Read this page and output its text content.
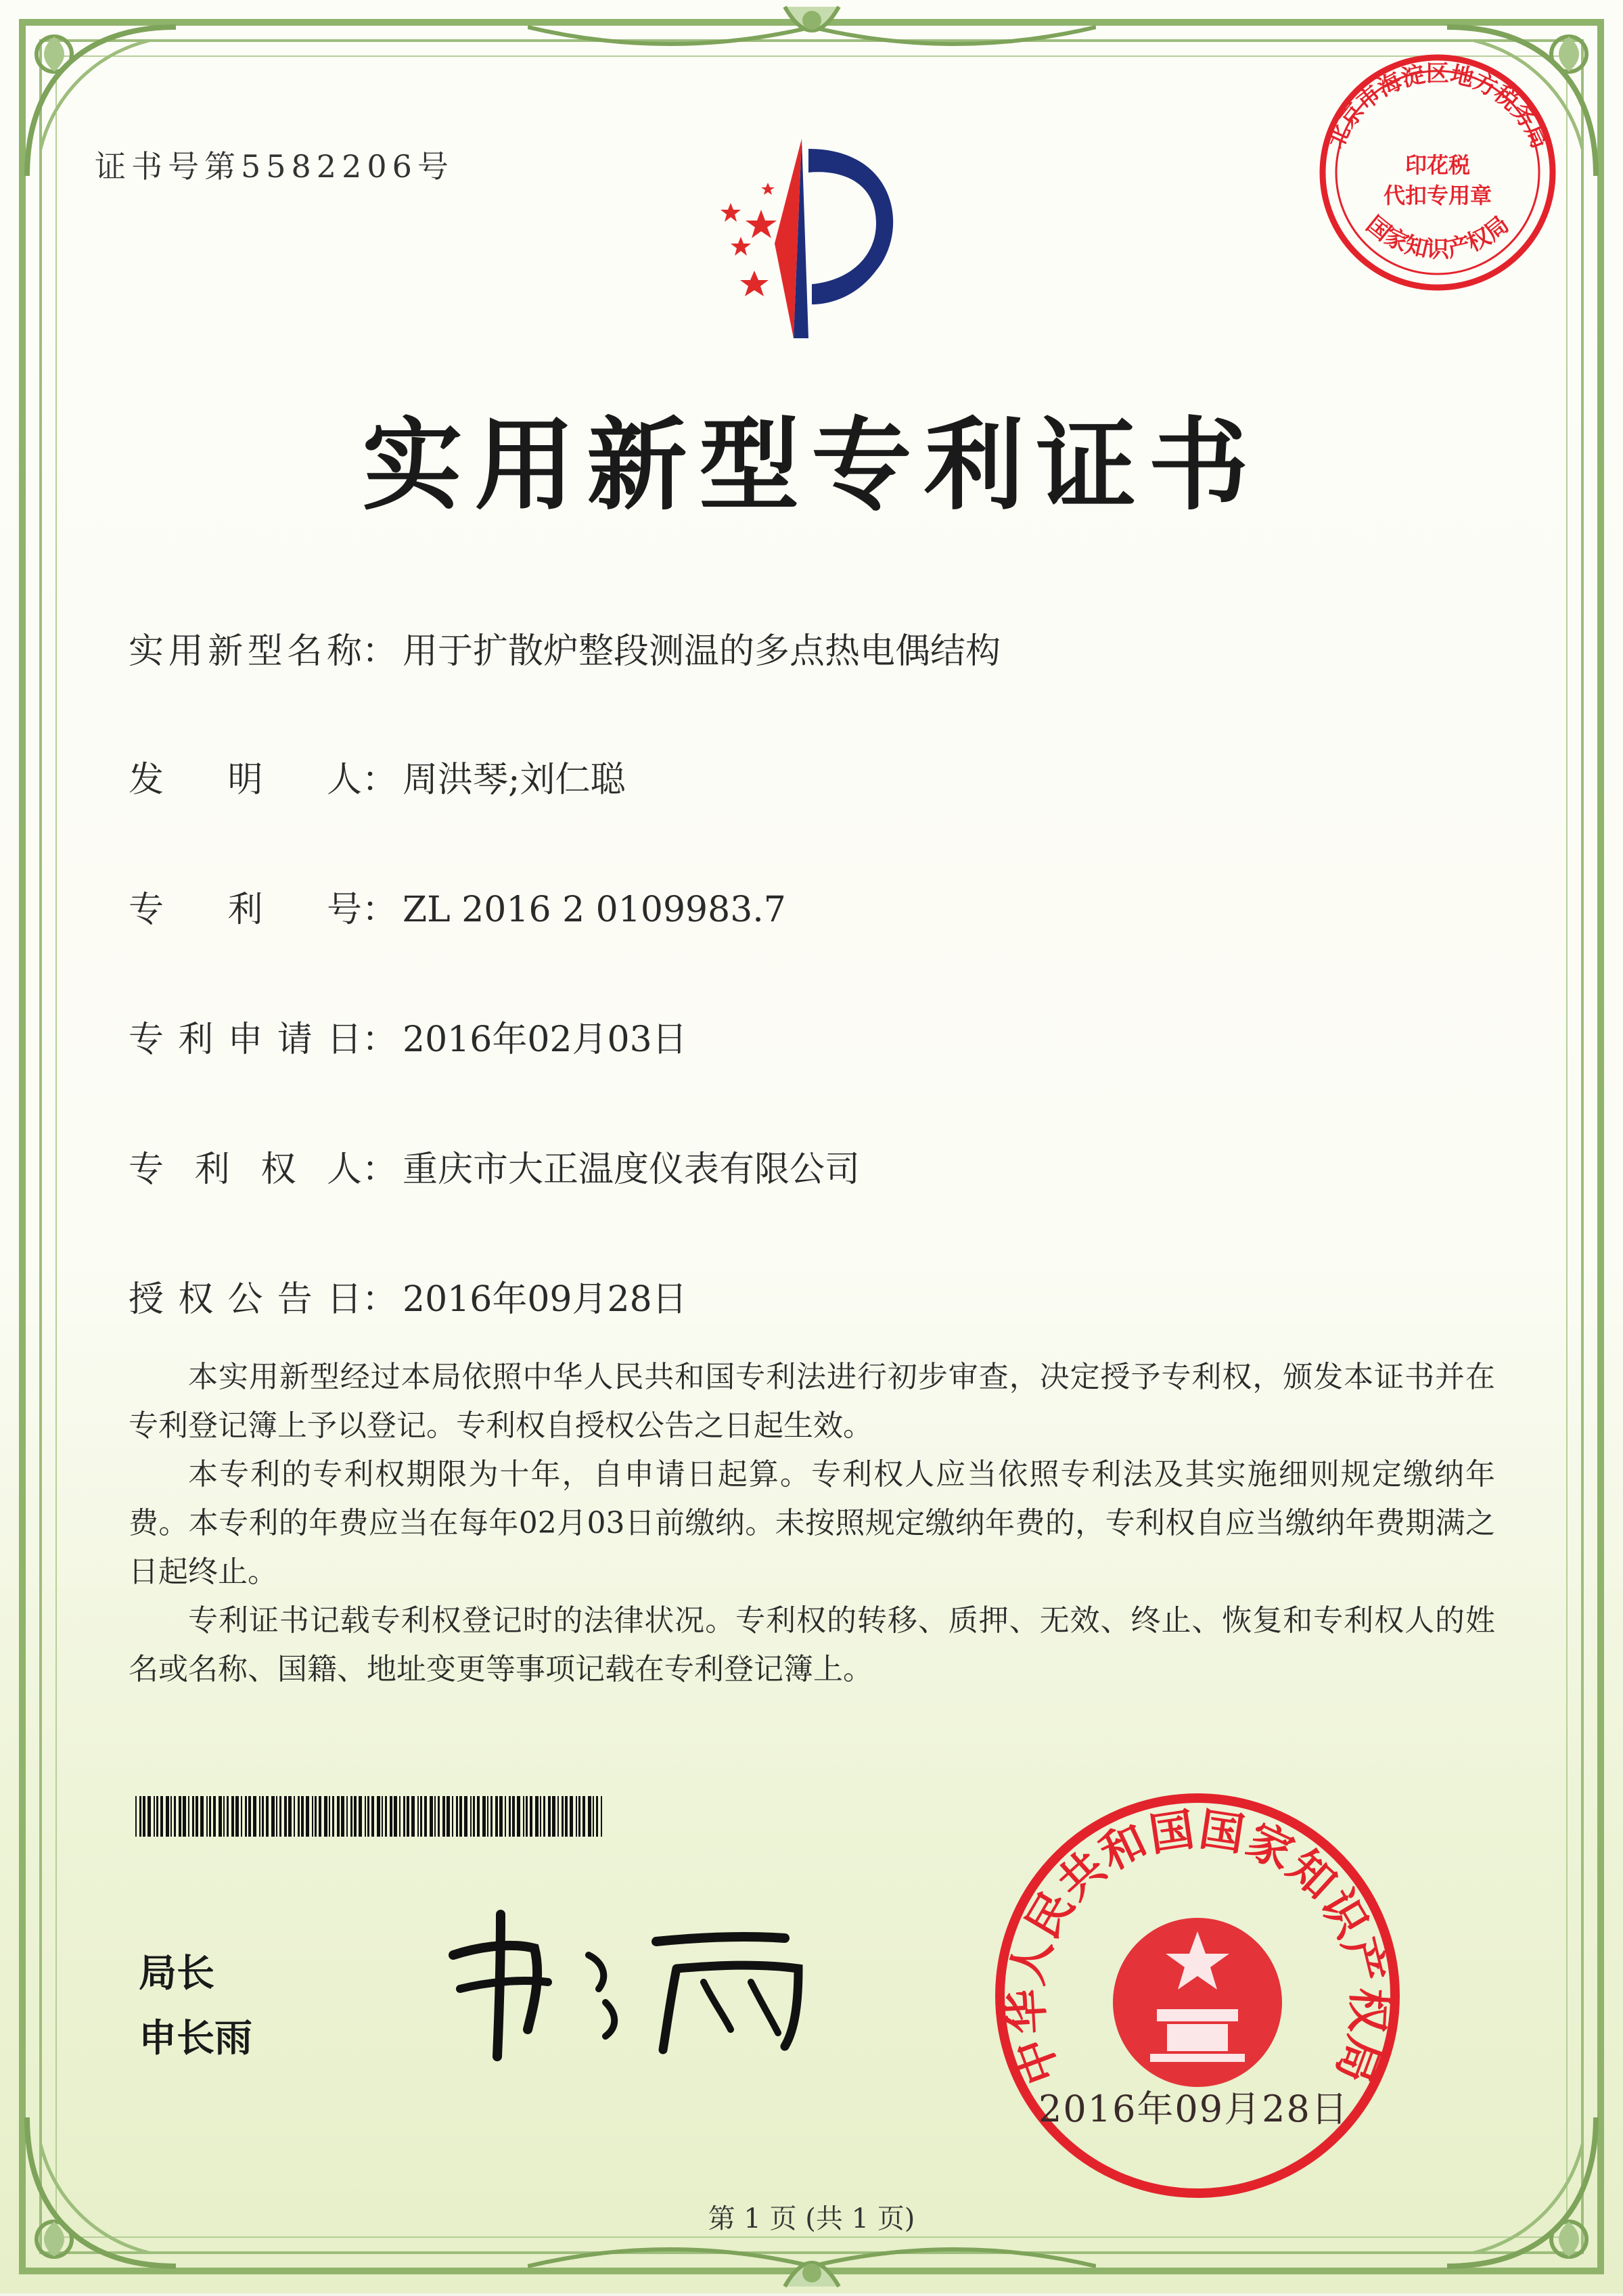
证书号第5582206号
北京市海淀区地方税务局
印花税
代扣专用章
国家知识产权局
实用新型专利证书
实用新型名称： 用于扩散炉整段测温的多点热电偶结构
发明人： 周洪琴;刘仁聪
专利号： ZL 2016 2 0109983.7
专利申请日： 2016年02月03日
专利权人： 重庆市大正温度仪表有限公司
授权公告日： 2016年09月28日

本实用新型经过本局依照中华人民共和国专利法进行初步审查，决定授予专利权，颁发本证书并在专利登记簿上予以登记。专利权自授权公告之日起生效。

本专利的专利权期限为十年，自申请日起算。专利权人应当依照专利法及其实施细则规定缴纳年费。本专利的年费应当在每年02月03日前缴纳。未按照规定缴纳年费的，专利权自应当缴纳年费期满之日起终止。

专利证书记载专利权登记时的法律状况。专利权的转移、质押、无效、终止、恢复和专利权人的姓名或名称、国籍、地址变更等事项记载在专利登记簿上。

局长
申长雨	中华人民共和国国家知识产权局
2016年09月28日
第 1 页 (共 1 页)
